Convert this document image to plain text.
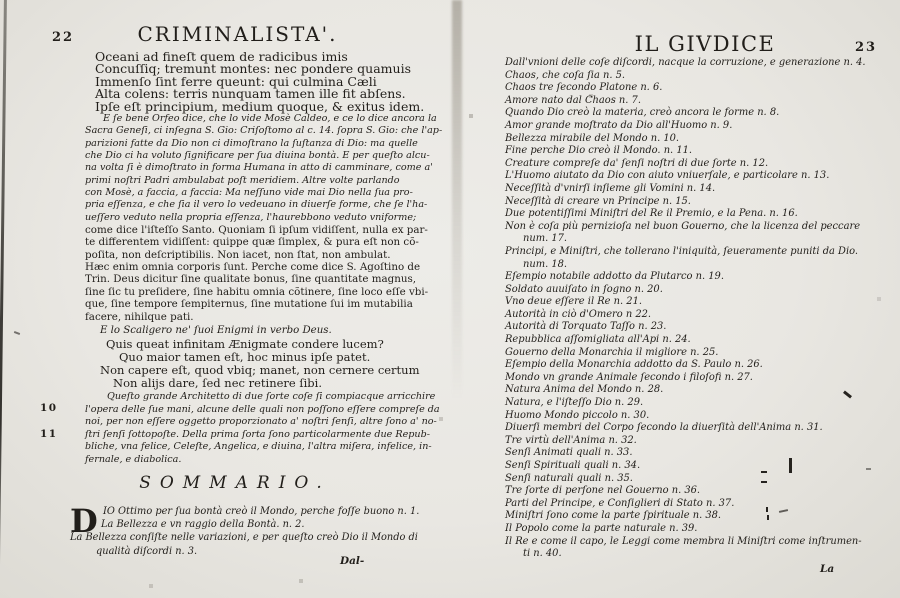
22	CRIMINALISTA'.
Oceani ad fineſt quem de radicibus imis
Concuſſiq; tremunt montes: nec pondere quamuis
Immenſo ſint ferre queunt: qui culmina Cæli
Alta colens: terris nunquam tamen ille fit abſens.
Ipſe eſt principium, medium quoque, & exitus idem.
E ſe bene Orfeo dice, che lo vide Mosè Caldeo, e ce lo dice ancora la
Sacra Geneſi, ci inſegna S. Gio: Criſoſtomo al c. 14. ſopra S. Gio: che l'ap-
parizioni fatte da Dio non ci dimoſtrano la ſuſtanza di Dio: ma quelle
che Dio ci ha voluto ſignificare per ſua diuina bontà. E per queſto alcu-
na volta ſi è dimoſtrato in forma Humana in atto di camminare, come a'
primi noſtri Padri ambulabat poſt meridiem. Altre volte parlando
con Mosè, a faccia, a faccia: Ma neſſuno vide mai Dio nella ſua pro-
pria eſſenza, e che ſia il vero lo vedeuano in diuerſe forme, che ſe l'ha-
ueſſero veduto nella propria eſſenza, l'haurebbono veduto vniforme;
come dice l'iſteſſo Santo. Quoniam ſi ipſum vidiſſent, nulla ex par-
te differentem vidiſſent: quippe quæ ſimplex, & pura eſt non cõ-
poſita, non deſcriptibilis. Non iacet, non ſtat, non ambulat.
Hæc enim omnia corporis ſunt. Perche come dice S. Agoſtino de
Trin. Deus dicitur ſine qualitate bonus, ſine quantitate magnus,
ſine ſic tu preſidere, ſine habitu omnia cõtinere, ſine loco eſſe vbi-
que, ſine tempore ſempiternus, ſine mutatione ſui im mutabilia
facere, nihilque pati.
E lo Scaligero ne' ſuoi Enigmi in verbo Deus.
Quis queat infinitam Ænigmate condere lucem?
Quo maior tamen eſt, hoc minus ipſe patet.
Non capere eſt, quod vbiq; manet, non cernere certum
Non alijs dare, ſed nec retinere ſibi.
Queſto grande Architetto di due ſorte coſe ſi compiacque arricchire
l'opera delle ſue mani, alcune delle quali non poſſono eſſere compreſe da
noi, per non eſſere oggetto proporzionato a' noſtri ſenſi, altre ſono a' no-
ſtri ſenſi ſottopoſte. Della prima ſorta ſono particolarmente due Repub-
bliche, vna felice, Celeſte, Angelica, e diuina, l'altra miſera, infelice, in-
fernale, e diabolica.
10
11
SOMMARIO.
D IO Ottimo per ſua bontà creò il Mondo, perche foſſe buono n. 1.
La Bellezza e vn raggio della Bontà. n. 2.
La Bellezza conſiſte nelle variazioni, e per queſto creò Dio il Mondo di
qualità diſcordi n. 3.
Dal-
IL GIVDICE	23
Dall'vnioni delle coſe diſcordi, nacque la corruzione, e generazione n. 4.
Chaos, che coſa ſia n. 5.
Chaos tre ſecondo Platone n. 6.
Amore nato dal Chaos n. 7.
Quando Dio creò la materia, creò ancora le forme n. 8.
Amor grande moſtrato da Dio all'Huomo n. 9.
Bellezza mirabile del Mondo n. 10.
Fine perche Dio creò il Mondo. n. 11.
Creature compreſe da' ſenſi noſtri di due ſorte n. 12.
L'Huomo aiutato da Dio con aiuto vniuerſale, e particolare n. 13.
Neceſſità d'vnirſi inſieme gli Vomini n. 14.
Neceſſità di creare vn Principe n. 15.
Due potentiſſimi Miniſtri del Re il Premio, e la Pena. n. 16.
Non è coſa più pernizioſa nel buon Gouerno, che la licenza del peccare
num. 17.
Principi, e Miniſtri, che tollerano l'iniquità, ſeueramente puniti da Dio.
num. 18.
Eſempio notabile addotto da Plutarco n. 19.
Soldato auuiſato in ſogno n. 20.
Vno deue eſſere il Re n. 21.
Autorità in ciò d'Omero n 22.
Autorità di Torquato Taſſo n. 23.
Repubblica aſſomigliata all'Api n. 24.
Gouerno della Monarchia il migliore n. 25.
Eſempio della Monarchia addotto da S. Paulo n. 26.
Mondo vn grande Animale ſecondo i filoſofi n. 27.
Natura Anima del Mondo n. 28.
Natura, e l'iſteſſo Dio n. 29.
Huomo Mondo piccolo n. 30.
Diuerſi membri del Corpo ſecondo la diuerſità dell'Anima n. 31.
Tre virtù dell'Anima n. 32.
Senſi Animati quali n. 33.
Senſi Spirituali quali n. 34.
Senſi naturali quali n. 35.
Tre ſorte di perſone nel Gouerno n. 36.
Parti del Principe, e Conſiglieri di Stato n. 37.
Miniſtri ſono come la parte ſpirituale n. 38.
Il Popolo come la parte naturale n. 39.
Il Re e come il capo, le Leggi come membra li Miniſtri come inſtrumen-
ti n. 40.
La
